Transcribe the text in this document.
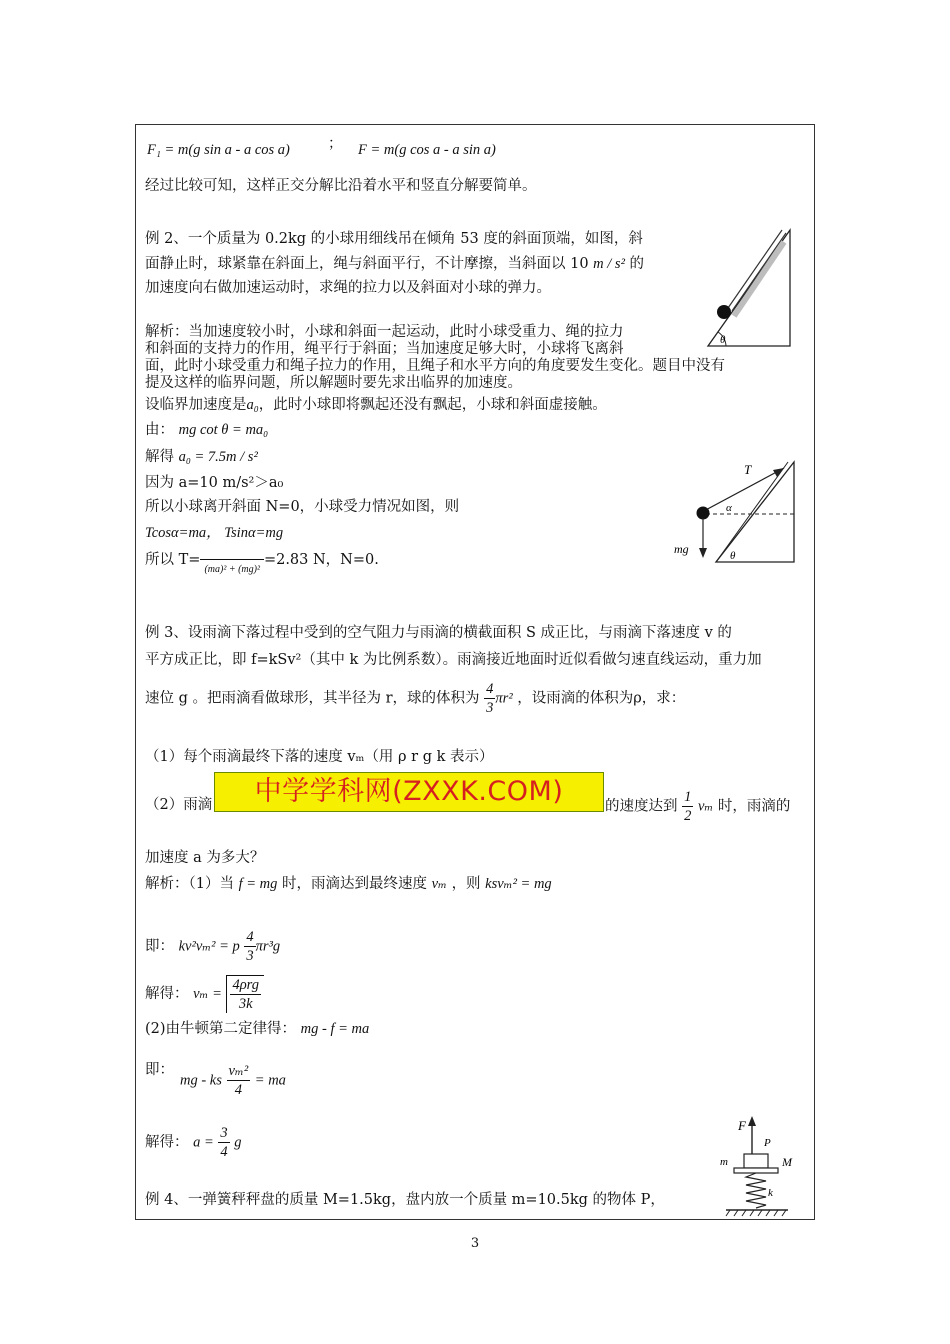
F₁ = m(g sin a - a cos a)	； F = m(g cos a - a sin a)
经过比较可知，这样正交分解比沿着水平和竖直分解要简单。
例 2、一个质量为 0.2kg 的小球用细线吊在倾角 53 度的斜面顶端，如图，斜
面静止时，球紧靠在斜面上，绳与斜面平行，不计摩擦，当斜面以 10 m / s² 的
加速度向右做加速运动时，求绳的拉力以及斜面对小球的弹力。
θ
解析：当加速度较小时，小球和斜面一起运动，此时小球受重力、绳的拉力
和斜面的支持力的作用，绳平行于斜面；当加速度足够大时，小球将飞离斜
面，此时小球受重力和绳子拉力的作用，且绳子和水平方向的角度要发生变化。题目中没有
提及这样的临界问题，所以解题时要先求出临界的加速度。
设临界加速度是a₀，此时小球即将飘起还没有飘起，小球和斜面虚接触。
由： mg cot θ = ma₀
解得 a₀ = 7.5m / s²
因为 a=10 m/s²＞a₀
所以小球离开斜面 N=0，小球受力情况如图，则
Tcosα=ma， Tsinα=mg
所以 T=(ma)² + (mg)²=2.83 N，N=0.
T
α
mg	θ
例 3、设雨滴下落过程中受到的空气阻力与雨滴的横截面积 S 成正比，与雨滴下落速度 v 的
平方成正比，即 f=kSv²（其中 k 为比例系数）。雨滴接近地面时近似看做匀速直线运动，重力加
速位 g 。把雨滴看做球形，其半径为 r，球的体积为 $\frac{4}{3} \pi r^2$ ，设雨滴的体积为ρ，求：
（1）每个雨滴最终下落的速度 vₘ（用 ρ r g k 表示）
（2）雨滴	中学学科网(ZXXK.COM)	的速度达到 $\frac{1}{2}$ vₘ 时，雨滴的
加速度 a 为多大？
解析：（1）当 f = mg 时，雨滴达到最终速度 vₘ ，则 ksvₘ² = mg
即： kv²vₘ² = p $\frac{4}{3} \pi r^3g$
解得： $v_m = \frac{\text{4ρrg}}{3k}$
(2)由牛顿第二定律得： mg - f = ma
即：
mg - ks $\frac{\text{vₘ²}}{4}$ = ma
解得： $a = \frac{3}{4}$ g
例 4、一弹簧秤秤盘的质量 M=1.5kg，盘内放一个质量 m=10.5kg 的物体 P，
F
P
m	M
k
3
